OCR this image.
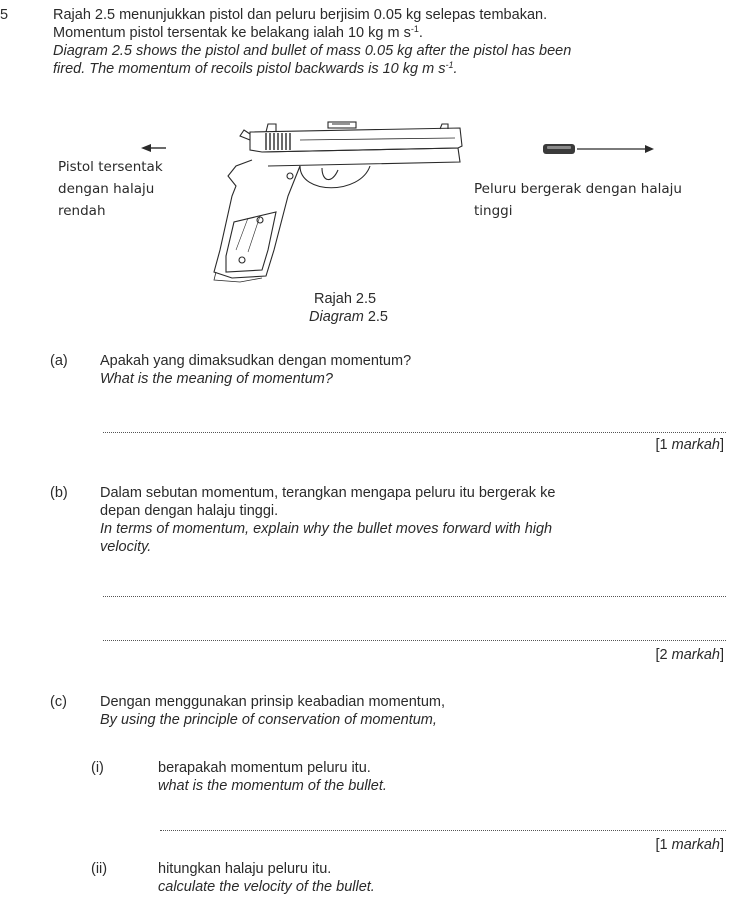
5	Rajah 2.5 menunjukkan pistol dan peluru berjisim 0.05 kg selepas tembakan.
Momentum pistol tersentak ke belakang ialah 10 kg m $s^{-1}$.
Diagram 2.5 shows the pistol and bullet of mass 0.05 kg after the pistol has been
fired. The momentum of recoils pistol backwards is 10 kg m $s^{-1}$.
Pistol tersentak dengan halaju rendah
Peluru bergerak dengan halaju tinggi
Rajah 2.5
Diagram 2.5
(a) Apakah yang dimaksudkan dengan momentum?
What is the meaning of momentum?
[1 markah]
(b) Dalam sebutan momentum, terangkan mengapa peluru itu bergerak ke
depan dengan halaju tinggi.
In terms of momentum, explain why the bullet moves forward with high
velocity.
[2 markah]
(c) Dengan menggunakan prinsip keabadian momentum,
By using the principle of conservation of momentum,
(i)	berapakah momentum peluru itu.
what is the momentum of the bullet.
[1 markah]
(ii)	hitungkan halaju peluru itu.
calculate the velocity of the bullet.
